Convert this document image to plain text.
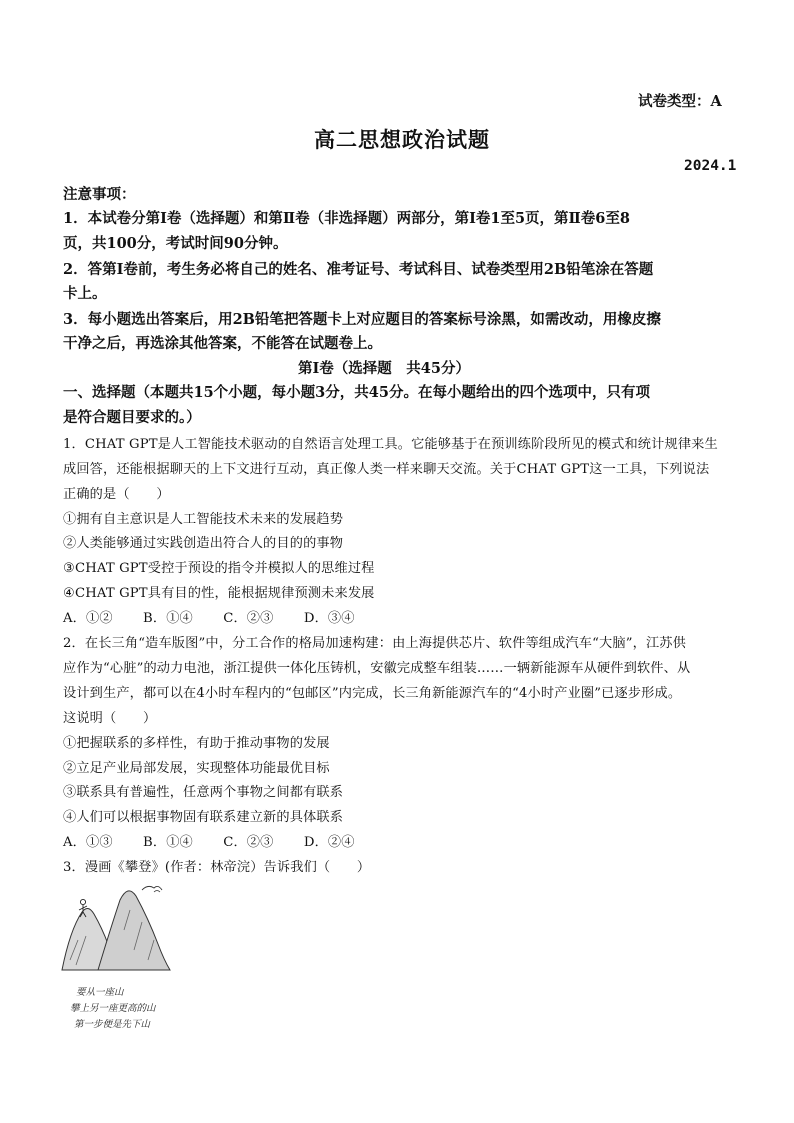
试卷类型：A
高二思想政治试题
2024.1
注意事项：
1．本试卷分第Ⅰ卷（选择题）和第Ⅱ卷（非选择题）两部分，第Ⅰ卷1至5页，第Ⅱ卷6至8
页，共100分，考试时间90分钟。
2．答第Ⅰ卷前，考生务必将自己的姓名、准考证号、考试科目、试卷类型用2B铅笔涂在答题
卡上。
3．每小题选出答案后，用2B铅笔把答题卡上对应题目的答案标号涂黑，如需改动，用橡皮擦
干净之后，再选涂其他答案，不能答在试题卷上。
第Ⅰ卷（选择题　共45分）
一、选择题（本题共15个小题，每小题3分，共45分。在每小题给出的四个选项中，只有项
是符合题目要求的。）
1．CHAT GPT是人工智能技术驱动的自然语言处理工具。它能够基于在预训练阶段所见的模式和统计规律来生
成回答，还能根据聊天的上下文进行互动，真正像人类一样来聊天交流。关于CHAT GPT这一工具，下列说法
正确的是（　　）
①拥有自主意识是人工智能技术未来的发展趋势
②人类能够通过实践创造出符合人的目的的事物
③CHAT GPT受控于预设的指令并模拟人的思维过程
④CHAT GPT具有目的性，能根据规律预测未来发展
A．①② B．①④ C．②③ D．③④
2．在长三角“造车版图”中，分工合作的格局加速构建：由上海提供芯片、软件等组成汽车“大脑”，江苏供
应作为“心脏”的动力电池，浙江提供一体化压铸机，安徽完成整车组装……一辆新能源车从硬件到软件、从
设计到生产，都可以在4小时车程内的“包邮区”内完成，长三角新能源汽车的“4小时产业圈”已逐步形成。
这说明（　　）
①把握联系的多样性，有助于推动事物的发展
②立足产业局部发展，实现整体功能最优目标
③联系具有普遍性，任意两个事物之间都有联系
④人们可以根据事物固有联系建立新的具体联系
A．①③ B．①④ C．②③ D．②④
3．漫画《攀登》(作者：林帝浣）告诉我们（　　）
要从一座山
攀上另一座更高的山
第一步便是先下山
